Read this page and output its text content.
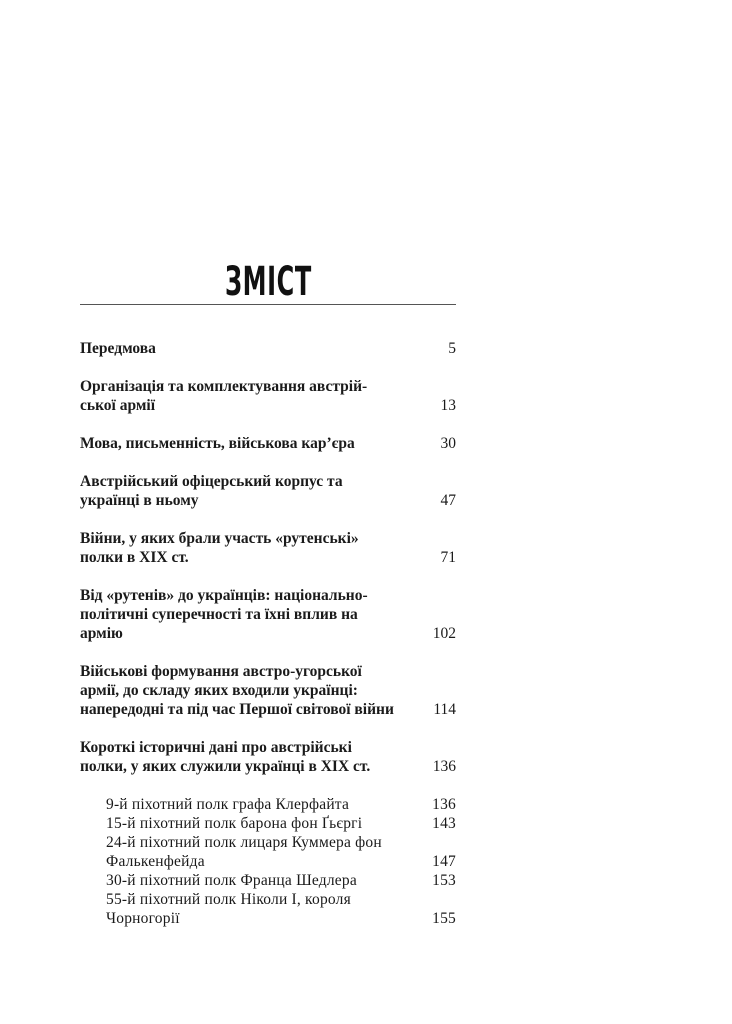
ЗМІСТ
Передмова	5
Організація та комплектування австрій-
ської армії	13
Мова, письменність, військова кар’єра	30
Австрійський офіцерський корпус та
українці в ньому	47
Війни, у яких брали участь «рутенські»
полки в XIX ст.	71
Від «рутенів» до українців: національно-
політичні суперечності та їхні вплив на
армію	102
Військові формування австро-угорської
армії, до складу яких входили українці:
напередодні та під час Першої світової війни	114
Короткі історичні дані про австрійські
полки, у яких служили українці в XIX ст.	136
9-й піхотний полк графа Клерфайта	136
15-й піхотний полк барона фон Ґьєргі	143
24-й піхотний полк лицаря Куммера фон
Фалькенфейда	147
30-й піхотний полк Франца Шедлера	153
55-й піхотний полк Ніколи I, короля
Чорногорії	155
